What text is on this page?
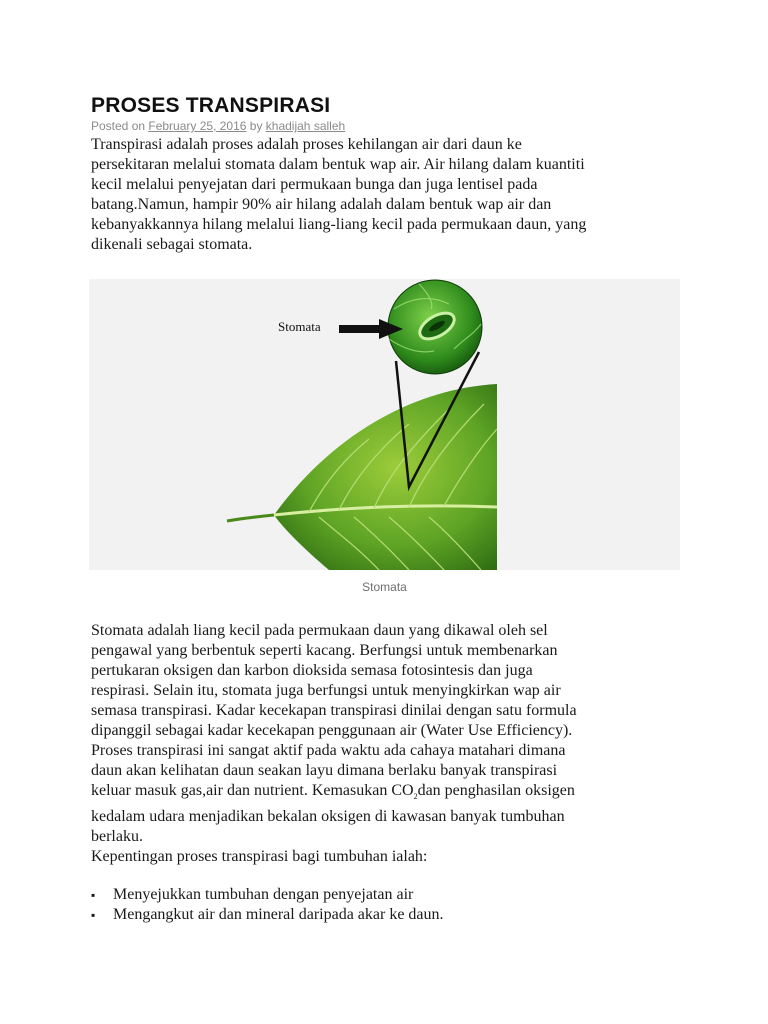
PROSES TRANSPIRASI
Posted on February 25, 2016 by khadijah salleh
Transpirasi adalah proses adalah proses kehilangan air dari daun ke
persekitaran melalui stomata dalam bentuk wap air. Air hilang dalam kuantiti
kecil melalui penyejatan dari permukaan bunga dan juga lentisel pada
batang.Namun, hampir 90% air hilang adalah dalam bentuk wap air dan
kebanyakkannya hilang melalui liang-liang kecil pada permukaan daun, yang
dikenali sebagai stomata.
Stomata
Stomata
Stomata adalah liang kecil pada permukaan daun yang dikawal oleh sel
pengawal yang berbentuk seperti kacang. Berfungsi untuk membenarkan
pertukaran oksigen dan karbon dioksida semasa fotosintesis dan juga
respirasi. Selain itu, stomata juga berfungsi untuk menyingkirkan wap air
semasa transpirasi. Kadar kecekapan transpirasi dinilai dengan satu formula
dipanggil sebagai kadar kecekapan penggunaan air (Water Use Efficiency).
Proses transpirasi ini sangat aktif pada waktu ada cahaya matahari dimana
daun akan kelihatan daun seakan layu dimana berlaku banyak transpirasi
keluar masuk gas,air dan nutrient. Kemasukan $CO_2dan$ penghasilan oksigen
kedalam udara menjadikan bekalan oksigen di kawasan banyak tumbuhan
berlaku.
Kepentingan proses transpirasi bagi tumbuhan ialah:
▪ Menyejukkan tumbuhan dengan penyejatan air
▪ Mengangkut air dan mineral daripada akar ke daun.
